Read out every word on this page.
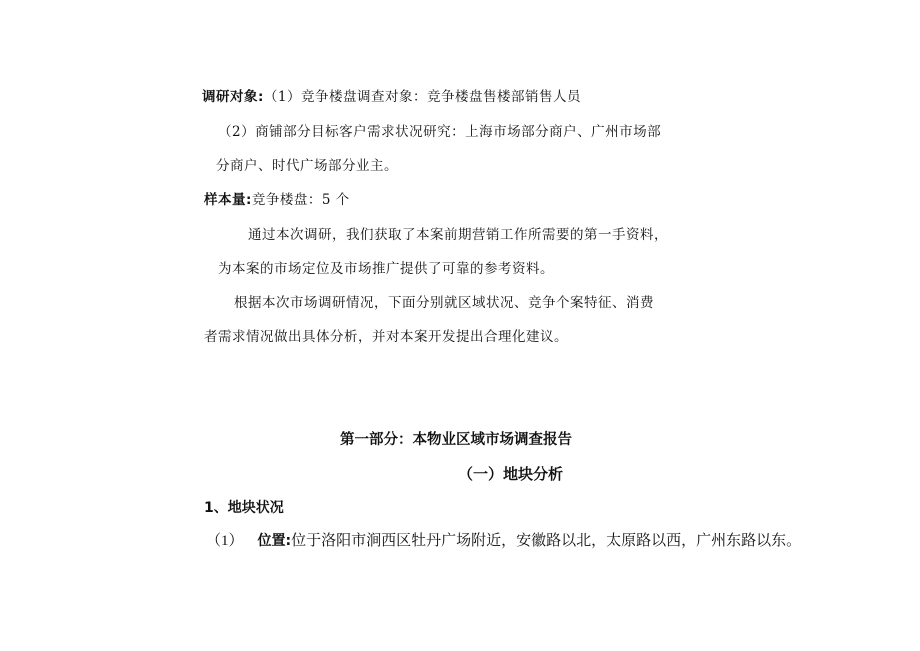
调研对象:（1）竞争楼盘调查对象：竞争楼盘售楼部销售人员
（2）商铺部分目标客户需求状况研究：上海市场部分商户、广州市场部
分商户、时代广场部分业主。
样本量:竞争楼盘：5 个
通过本次调研，我们获取了本案前期营销工作所需要的第一手资料，
为本案的市场定位及市场推广提供了可靠的参考资料。
根据本次市场调研情况，下面分别就区域状况、竞争个案特征、消费
者需求情况做出具体分析，并对本案开发提出合理化建议。
第一部分：本物业区域市场调查报告
（一）地块分析
1、地块状况
（1） 位置:位于洛阳市涧西区牡丹广场附近，安徽路以北，太原路以西，广州东路以东。
